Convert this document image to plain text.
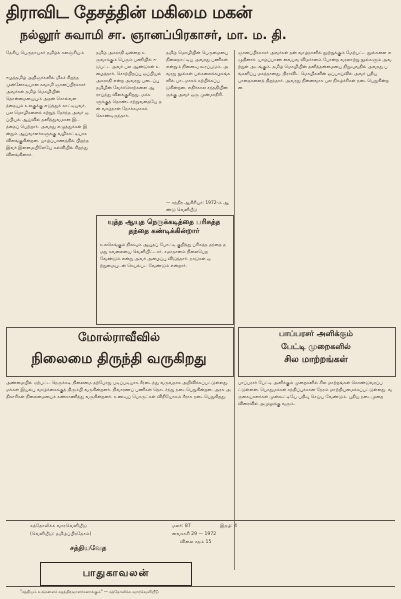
திராவிட தேசத்தின் மகிமை மகன்
நல்லூர் சுவாமி சா. ஞானப்பிரகாசர், மா. ம. தி.
தேசிய பெருநாயகர் தமிழ்க் களஞ்சியம்
ஈழத்தமிழ் அறிஞர்களில் மிகச் சிறந்த முன்னோடியான சுவாமி ஞானப்பிரகாசர் அவர்கள் தமிழ் மொழியின் தொன்மையையும் அதன் சொல்வளத்தையும் உலகுக்கு எடுத்துக் காட்டியவர். பல மொழிகளைக் கற்றுத் தேர்ந்த அவர் ஒப்பியல் ஆய்வில் தனித்துவமான இடத்தைப் பெற்றார். அவரது எழுத்துக்கள் இன்றும் ஆய்வாளர்களுக்கு வழிகாட்டியாக விளங்குகின்றன. யாழ்ப்பாணத்தில் பிறந்த இவர் இளமையிலேயே கல்வியில் சிறந்து விளங்கினார்.
தமிழ் அகராதி ஒன்றை உருவாக்கும் பெரும் பணியில் ஈடுபட்ட அவர் பல ஆண்டுகள் உழைத்தார். சொற்பிறப்பு ஒப்பியல் அகராதி என்ற அவரது படைப்பு தமிழின் வேர்ச்சொற்களை ஆராய்ந்து விளக்குகிறது. மக்களுக்குத் தொண்டாற்றுவதையே தன் வாழ்நாள் நோக்கமாகக் கொண்டிருந்தார்.
தமிழ் மொழியின் பெருமையை நிலைநாட்டிய அவரது பணிகள் என்றும் நினைவு கூரப்படும். அவரது நூல்கள் பல்கலைக்கழகங்களில் பாடமாகக் கற்பிக்கப்படுகின்றன. எதிர்கால சந்ததியினருக்கு அவர் ஒரு முன்மாதிரி.
— சந்திர ஆசிரியர்: 1972-ம் ஆண்டு வெளியீடு
ஞானப்பிரகாசர் அவர்கள் தன் வாழ்நாளில் நூற்றுக்கும் மேற்பட்ட நூல்களை எழுதினார். யாழ்ப்பாண வைபவ விமர்சனம் போன்ற வரலாற்று நூல்களும் அவற்றுள் அடங்கும். தமிழ் மொழியின் தனித்தன்மையை நிறுவுவதில் அவரது பங்களிப்பு மகத்தானது. திராவிட மொழிகளின் ஒப்பாய்வில் அவர் புதிய பாதைகளைத் திறந்தார். அவரது நினைவாக பல நிகழ்ச்சிகள் நடைபெறுகின்றன.
யுத்த ஆயுத நெருக்கடித்தை பரிசுத்த தந்தை கண்டிக்கின்றார்
உலகெங்கும் நிலவும் ஆயுதப் போட்டி குறித்து பரிசுத்த தந்தை தமது கவலையை வெளியிட்டார். சமாதானம் நிலைபெற வேண்டும் என்று அவர் அழைப்பு விடுத்தார். நாடுகள் ஒற்றுமையுடன் செயல்பட வேண்டும் என்றார்.
மோல்ராவீவில்
நிலைமை திருந்தி வருகிறது
அண்மையில் ஏற்பட்ட நெருக்கடி நிலைமை தற்போது படிப்படியாக சீரடைந்து வருவதாக அறிவிக்கப்பட்டுள்ளது. மக்கள் இயல்பு வாழ்க்கைக்குத் திரும்பி வருகின்றனர். நிவாரணப் பணிகள் தொடர்ந்து நடைபெறுகின்றன. அரசு அதிகாரிகள் நிலைமையைக் கண்காணித்து வருகின்றனர். உணவுப் பொருட்கள் விநியோகம் சீராக நடைபெறுகிறது.
பாப்பரசர் அளிக்கும்
பேட்டி முறைகளில்
சில மாற்றங்கள்
பாப்பரசர் பேட்டி அளிக்கும் முறைகளில் சில மாற்றங்கள் கொண்டுவரப்பட்டுள்ளன. பொதுமக்கள் சந்திப்புக்கான நேரம் மாற்றியமைக்கப்பட்டுள்ளது. வருகையாளர்கள் முன்கூட்டியே பதிவு செய்ய வேண்டும். புதிய நடைமுறை விரைவில் அமுலுக்கு வரும்.
கத்தோலிக்க வாரவெளியீடு
(வெளியீடு: தமிழ்ப்பிரதேசம்)
சத்தியவேத
பாதுகாவலன்
மலர்: 87	இதழ்: 4
வைகாசி 29 — 1972
விலை சதம் 15
"சத்தியம் உங்களைச் சுதந்திரவாளர்களாக்கும்" — கத்தோலிக்க வாரவெளியீடு
